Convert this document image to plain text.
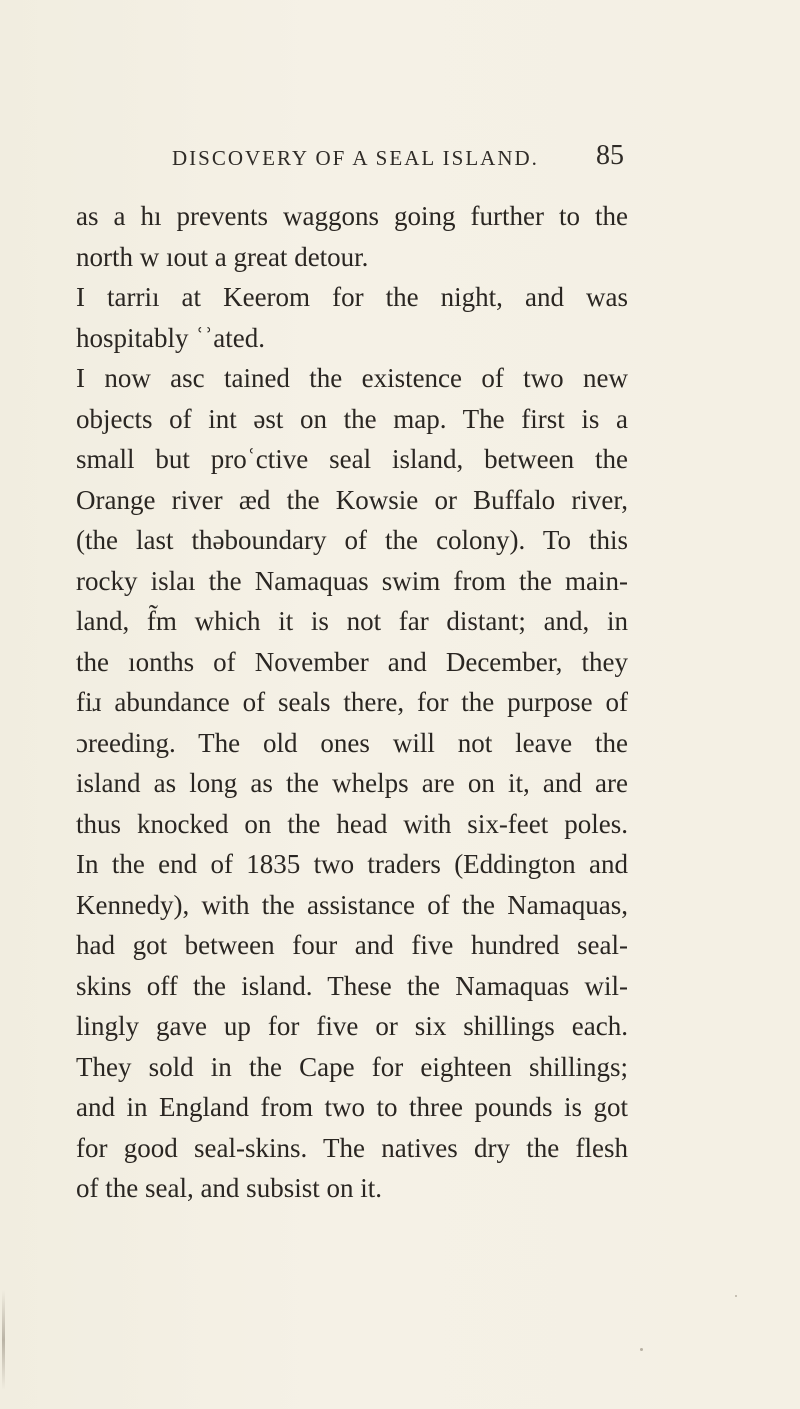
DISCOVERY OF A SEAL ISLAND. 85
as a hı prevents waggons going further to the
north w ıout a great detour.
I tarriı at Keerom for the night, and was
hospitably ʿʾated.
I now asc tained the existence of two new
objects of int əst on the map. The first is a
small but proʿctive seal island, between the
Orange river æd the Kowsie or Buffalo river,
(the last thəboundary of the colony). To this
rocky islaı the Namaquas swim from the main-
land, f̃m which it is not far distant; and, in
the ıonths of November and December, they
fiɹ abundance of seals there, for the purpose of
ɔreeding. The old ones will not leave the
island as long as the whelps are on it, and are
thus knocked on the head with six-feet poles.
In the end of 1835 two traders (Eddington and
Kennedy), with the assistance of the Namaquas,
had got between four and five hundred seal-
skins off the island. These the Namaquas wil-
lingly gave up for five or six shillings each.
They sold in the Cape for eighteen shillings;
and in England from two to three pounds is got
for good seal-skins. The natives dry the flesh
of the seal, and subsist on it.
